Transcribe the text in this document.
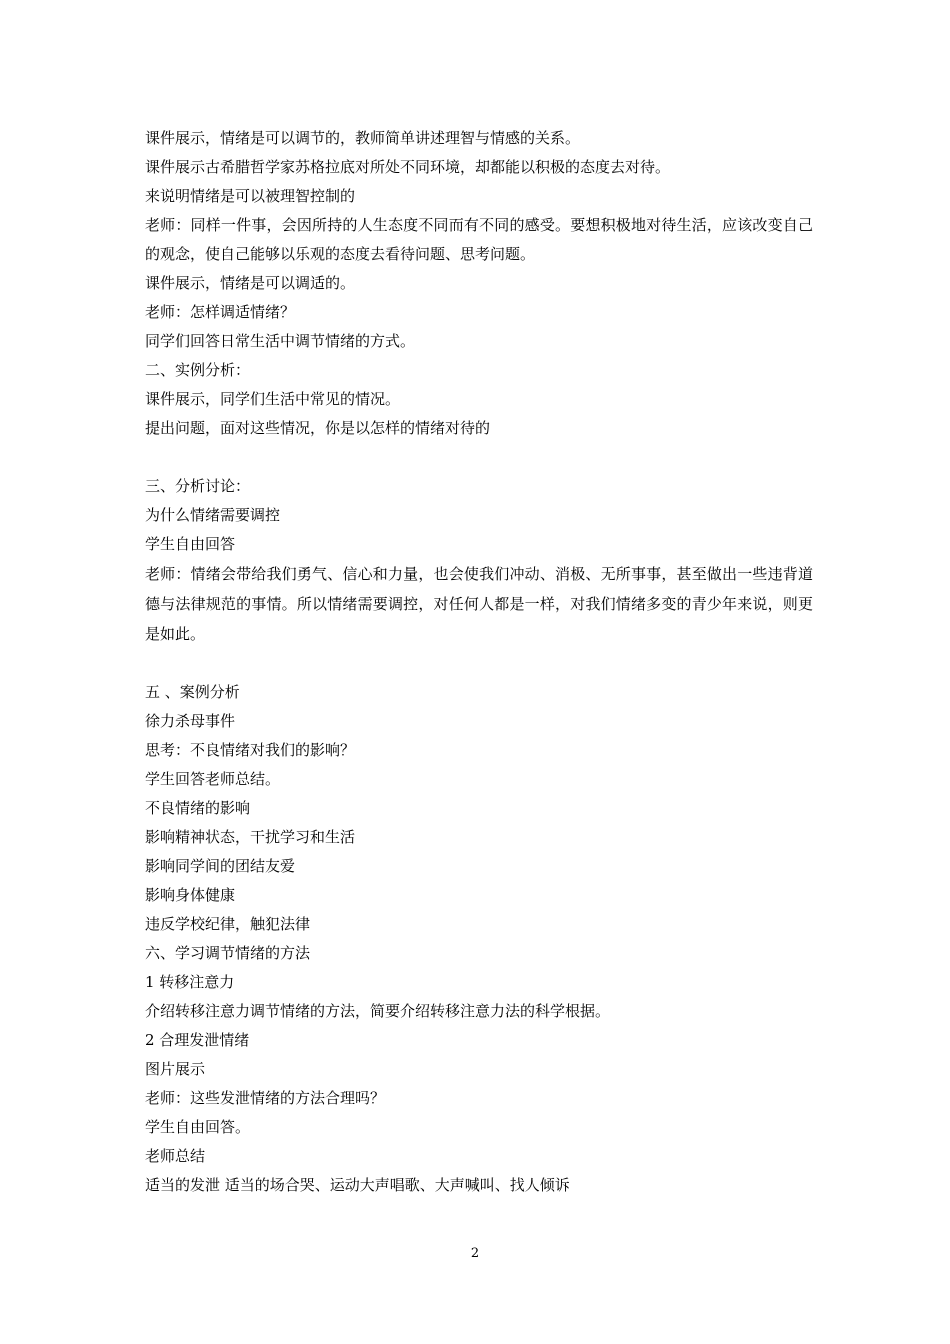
课件展示，情绪是可以调节的，教师简单讲述理智与情感的关系。
课件展示古希腊哲学家苏格拉底对所处不同环境，却都能以积极的态度去对待。
来说明情绪是可以被理智控制的
老师：同样一件事，会因所持的人生态度不同而有不同的感受。要想积极地对待生活，应该改变自己的观念，使自己能够以乐观的态度去看待问题、思考问题。
课件展示，情绪是可以调适的。
老师：怎样调适情绪？
同学们回答日常生活中调节情绪的方式。
二、实例分析：
课件展示，同学们生活中常见的情况。
提出问题，面对这些情况，你是以怎样的情绪对待的
三、分析讨论：
为什么情绪需要调控
学生自由回答
老师：情绪会带给我们勇气、信心和力量，也会使我们冲动、消极、无所事事，甚至做出一些违背道德与法律规范的事情。所以情绪需要调控，对任何人都是一样，对我们情绪多变的青少年来说，则更是如此。
五 、案例分析
徐力杀母事件
思考：不良情绪对我们的影响？
学生回答老师总结。
不良情绪的影响
影响精神状态，干扰学习和生活
影响同学间的团结友爱
影响身体健康
违反学校纪律，触犯法律
六、学习调节情绪的方法
1 转移注意力
介绍转移注意力调节情绪的方法，简要介绍转移注意力法的科学根据。
2 合理发泄情绪
图片展示
老师：这些发泄情绪的方法合理吗？
学生自由回答。
老师总结
适当的发泄 适当的场合哭、运动大声唱歌、大声喊叫、找人倾诉
2
